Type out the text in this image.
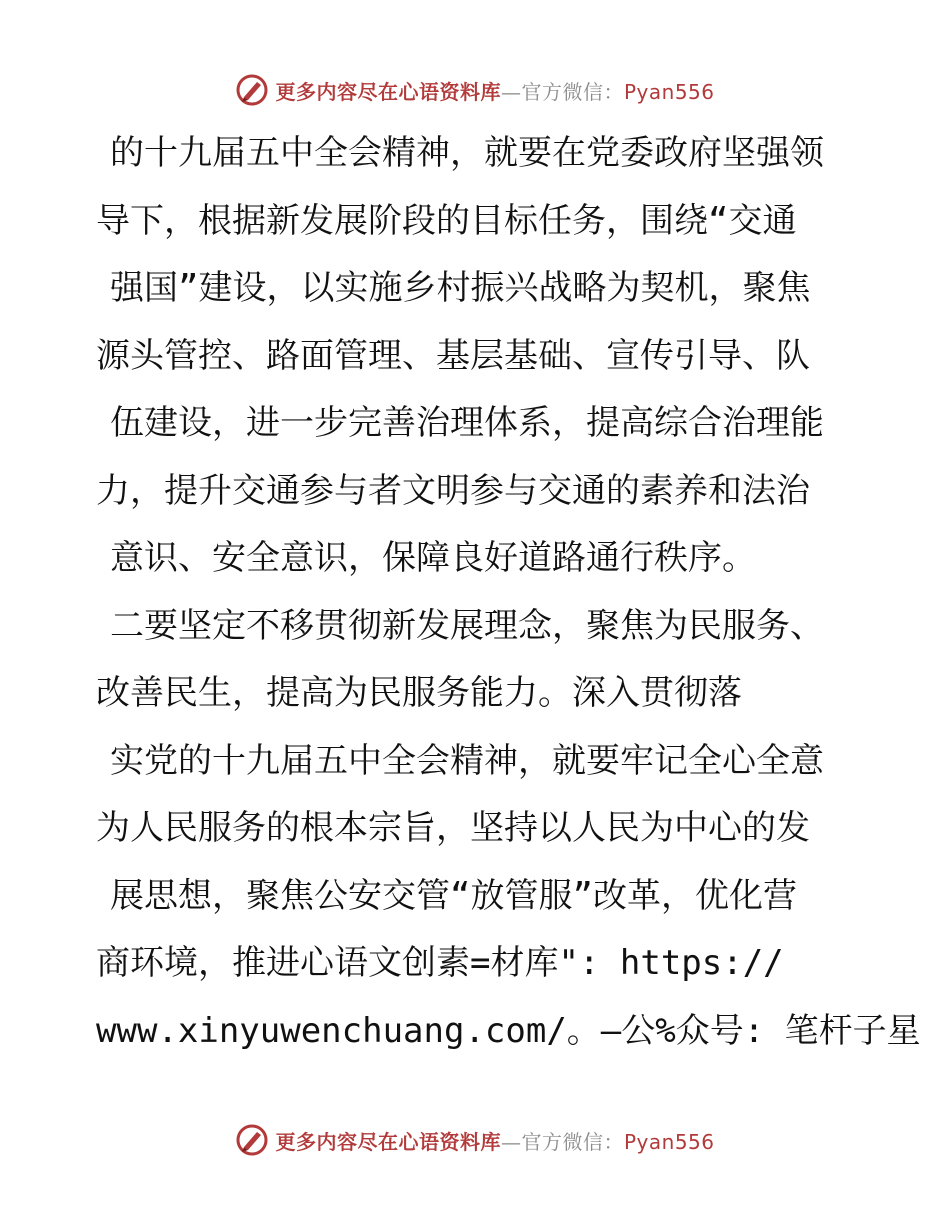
更多内容尽在心语资料库—官方微信：Pyan556
的十九届五中全会精神，就要在党委政府坚强领
导下，根据新发展阶段的目标任务，围绕“交通
强国”建设，以实施乡村振兴战略为契机，聚焦
源头管控、路面管理、基层基础、宣传引导、队
伍建设，进一步完善治理体系，提高综合治理能
力，提升交通参与者文明参与交通的素养和法治
意识、安全意识，保障良好道路通行秩序。
二要坚定不移贯彻新发展理念，聚焦为民服务、
改善民生，提高为民服务能力。深入贯彻落
实党的十九届五中全会精神，就要牢记全心全意
为人民服务的根本宗旨，坚持以人民为中心的发
展思想，聚焦公安交管“放管服”改革，优化营
商环境，推进心语文创素=材库": https://
www.xinyuwenchuang.com/。—公%众号: 笔杆子星
更多内容尽在心语资料库—官方微信：Pyan556
